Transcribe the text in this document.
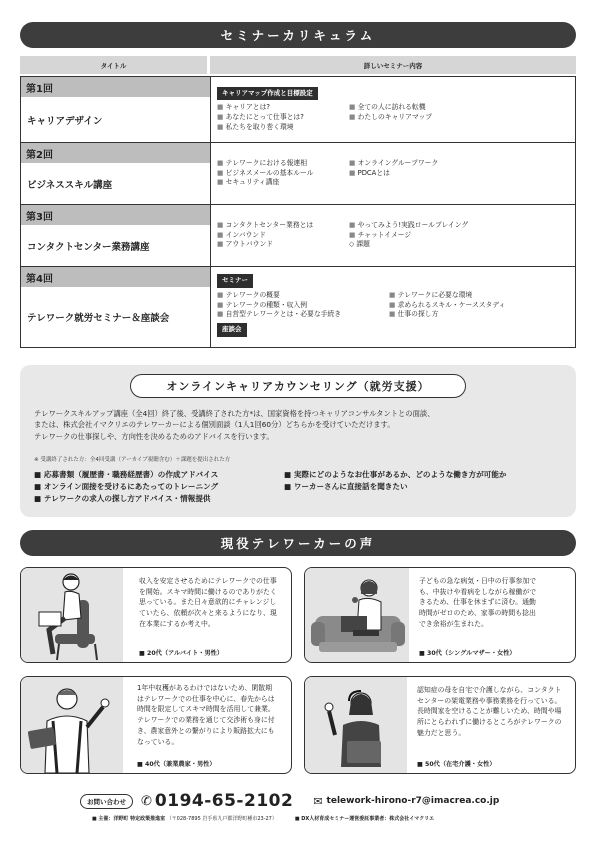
セミナーカリキュラム
タイトル	詳しいセミナー内容
第1回
キャリアデザイン
キャリアマップ作成と目標設定
■ キャリアとは?	■ 全ての人に訪れる転機
■ あなたにとって仕事とは?	■ わたしのキャリアマップ
■ 私たちを取り巻く環境
第2回
ビジネススキル講座
■ テレワークにおける報連相	■ オンライングループワーク
■ ビジネスメールの基本ルール	■ PDCAとは
■ セキュリティ講座
第3回
コンタクトセンター業務講座
■ コンタクトセンター業務とは	■ やってみよう!実践ロールプレイング
■ インバウンド	■ チャットイメージ
■ アウトバウンド	◇ 課題
第4回
テレワーク就労セミナー＆座談会
セミナー
■ テレワークの概要	■ テレワークに必要な環境
■ テレワークの種類・収入例	■ 求められるスキル・ケーススタディ
■ 自営型テレワークとは・必要な手続き	■ 仕事の探し方
座談会
オンラインキャリアカウンセリング（就労支援）
テレワークスキルアップ講座（全4回）終了後、受講終了された方*は、国家資格を持つキャリアコンサルタントとの面談、
または、株式会社イマクリエのテレワーカーによる個別面談（1人1回60分）どちらかを受けていただけます。
テレワークの仕事探しや、方向性を決めるためのアドバイスを行います。
※ 受講終了された方：全4回受講（アーカイブ視聴含む）＋課題を提出された方
■ 応募書類（履歴書・職務経歴書）の作成アドバイス	■ 実際にどのようなお仕事があるか、どのような働き方が可能か
■ オンライン面接を受けるにあたってのトレーニング	■ ワーカーさんに直接話を聞きたい
■ テレワークの求人の探し方アドバイス・情報提供
現役テレワーカーの声
収入を安定させるためにテレワークでの仕事
を開始。スキマ時間に働けるのでありがたく
思っている。また日々意欲的にチャレンジし
ていたら、依頼が次々と来るようになり、現
在本業にするか考え中。
■ 20代（アルバイト・男性）
子どもの急な病気・日中の行事参加で
も、中抜けや看病をしながら稼働がで
きるため、仕事を休まずに済む。通勤
時間がゼロのため、家事の時間も捻出
でき余裕が生まれた。
■ 30代（シングルマザー・女性）
1年中収穫があるわけではないため、閑散期
はテレワークでの仕事を中心に、春先からは
時間を限定してスキマ時間を活用して兼業。
テレワークでの業務を通じて交渉術も身に付
き、農家意外との繋がりにより販路拡大にも
なっている。
■ 40代（兼業農家・男性）
認知症の母を自宅で介護しながら、コンタクト
センターの架電業務や事務業務を行っている。
長時間家を空けることが難しいため、時間や場
所にとらわれずに働けるところがテレワークの
魅力だと思う。
■ 50代（在宅介護・女性）
お問い合わせ	✆ 0194-65-2102 ✉ telework-hirono-r7@imacrea.co.jp
■ 主催：洋野町 特定政策推進室 （〒028-7895 岩手県九戸郡洋野町種市23-27）	■ DX人材育成セミナー運営委託事業者：株式会社イマクリエ
